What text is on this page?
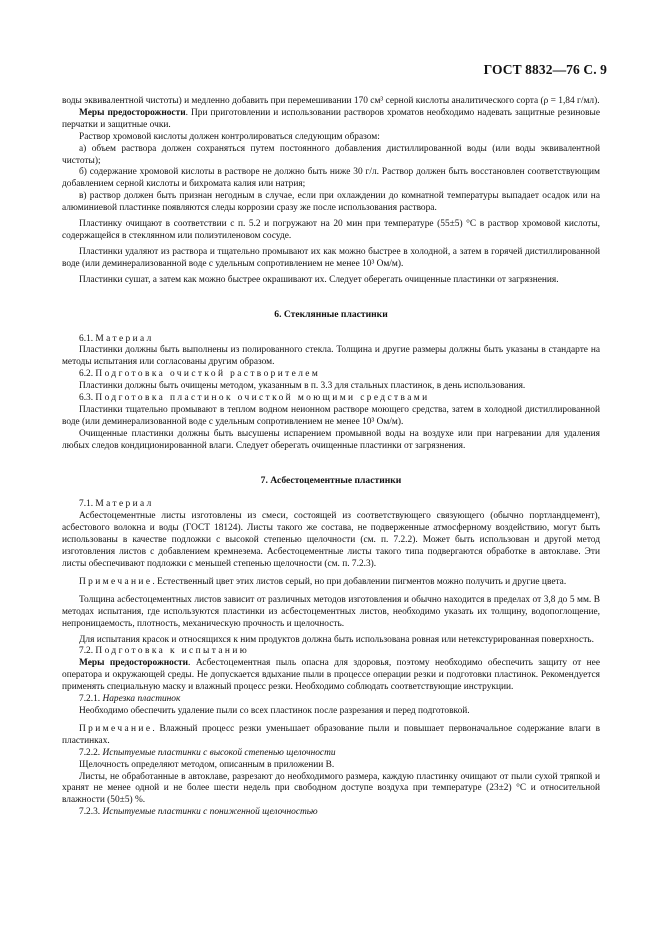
ГОСТ 8832—76 С. 9

воды эквивалентной чистоты) и медленно добавить при перемешивании 170 см³ серной кислоты аналитического сорта (ρ = 1,84 г/мл).

Меры предосторожности. При приготовлении и использовании растворов хроматов необходимо надевать защитные резиновые перчатки и защитные очки.

Раствор хромовой кислоты должен контролироваться следующим образом:

а) объем раствора должен сохраняться путем постоянного добавления дистиллированной воды (или воды эквивалентной чистоты);

б) содержание хромовой кислоты в растворе не должно быть ниже 30 г/л. Раствор должен быть восстановлен соответствующим добавлением серной кислоты и бихромата калия или натрия;

в) раствор должен быть признан негодным в случае, если при охлаждении до комнатной температуры выпадает осадок или на алюминиевой пластинке появляются следы коррозии сразу же после использования раствора.

Пластинку очищают в соответствии с п. 5.2 и погружают на 20 мин при температуре (55±5) °С в раствор хромовой кислоты, содержащейся в стеклянном или полиэтиленовом сосуде.

Пластинки удаляют из раствора и тщательно промывают их как можно быстрее в холодной, а затем в горячей дистиллированной воде (или деминерализованной воде с удельным сопротивлением не менее 10³ Ом/м).

Пластинки сушат, а затем как можно быстрее окрашивают их. Следует оберегать очищенные пластинки от загрязнения.

6. Стеклянные пластинки

6.1. Материал

Пластинки должны быть выполнены из полированного стекла. Толщина и другие размеры должны быть указаны в стандарте на методы испытания или согласованы другим образом.

6.2. Подготовка очисткой растворителем

Пластинки должны быть очищены методом, указанным в п. 3.3 для стальных пластинок, в день использования.

6.3. Подготовка пластинок очисткой моющими средствами

Пластинки тщательно промывают в теплом водном неионном растворе моющего средства, затем в холодной дистиллированной воде (или деминерализованной воде с удельным сопротивлением не менее 10³ Ом/м).

Очищенные пластинки должны быть высушены испарением промывной воды на воздухе или при нагревании для удаления любых следов кондиционированной влаги. Следует оберегать очищенные пластинки от загрязнения.

7. Асбестоцементные пластинки

7.1. Материал

Асбестоцементные листы изготовлены из смеси, состоящей из соответствующего связующего (обычно портландцемент), асбестового волокна и воды (ГОСТ 18124). Листы такого же состава, не подверженные атмосферному воздействию, могут быть использованы в качестве подложки с высокой степенью щелочности (см. п. 7.2.2). Может быть использован и другой метод изготовления листов с добавлением кремнезема. Асбестоцементные листы такого типа подвергаются обработке в автоклаве. Эти листы обеспечивают подложки с меньшей степенью щелочности (см. п. 7.2.3).

Примечание. Естественный цвет этих листов серый, но при добавлении пигментов можно получить и другие цвета.

Толщина асбестоцементных листов зависит от различных методов изготовления и обычно находится в пределах от 3,8 до 5 мм. В методах испытания, где используются пластинки из асбестоцементных листов, необходимо указать их толщину, водопоглощение, непроницаемость, плотность, механическую прочность и щелочность.

Для испытания красок и относящихся к ним продуктов должна быть использована ровная или нетекстурированная поверхность.

7.2. Подготовка к испытанию

Меры предосторожности. Асбестоцементная пыль опасна для здоровья, поэтому необходимо обеспечить защиту от нее оператора и окружающей среды. Не допускается вдыхание пыли в процессе операции резки и подготовки пластинок. Рекомендуется применять специальную маску и влажный процесс резки. Необходимо соблюдать соответствующие инструкции.

7.2.1. Нарезка пластинок

Необходимо обеспечить удаление пыли со всех пластинок после разрезания и перед подготовкой.

Примечание. Влажный процесс резки уменьшает образование пыли и повышает первоначальное содержание влаги в пластинках.

7.2.2. Испытуемые пластинки с высокой степенью щелочности

Щелочность определяют методом, описанным в приложении В.

Листы, не обработанные в автоклаве, разрезают до необходимого размера, каждую пластинку очищают от пыли сухой тряпкой и хранят не менее одной и не более шести недель при свободном доступе воздуха при температуре (23±2) °С и относительной влажности (50±5) %.

7.2.3. Испытуемые пластинки с пониженной щелочностью
